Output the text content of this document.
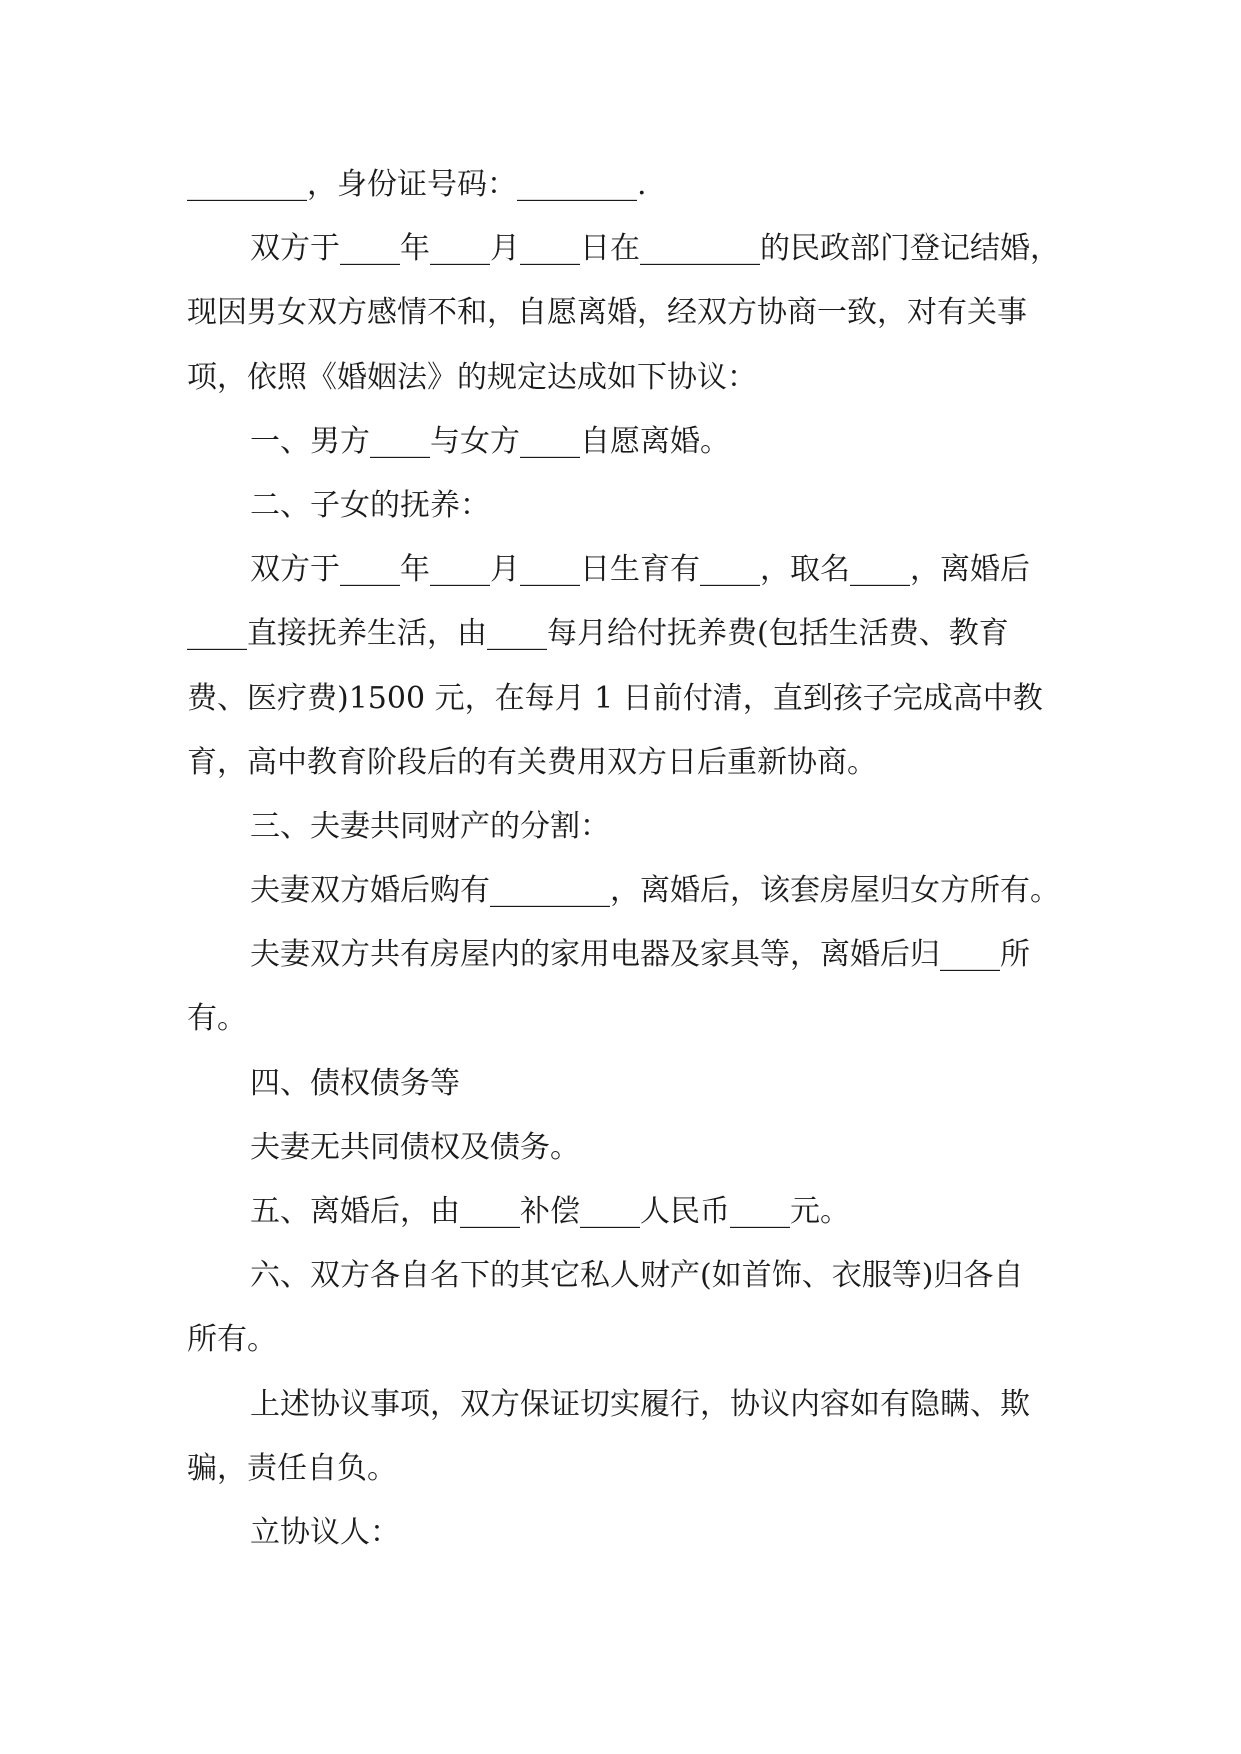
________，身份证号码：________.
双方于____年____月____日在________的民政部门登记结婚，
现因男女双方感情不和，自愿离婚，经双方协商一致，对有关事
项，依照《婚姻法》的规定达成如下协议：
一、男方____与女方____自愿离婚。
二、子女的抚养：
双方于____年____月____日生育有____，取名____，离婚后
____直接抚养生活，由____每月给付抚养费(包括生活费、教育
费、医疗费)1500 元，在每月 1 日前付清，直到孩子完成高中教
育，高中教育阶段后的有关费用双方日后重新协商。
三、夫妻共同财产的分割：
夫妻双方婚后购有________，离婚后，该套房屋归女方所有。
夫妻双方共有房屋内的家用电器及家具等，离婚后归____所
有。
四、债权债务等
夫妻无共同债权及债务。
五、离婚后，由____补偿____人民币____元。
六、双方各自名下的其它私人财产(如首饰、衣服等)归各自
所有。
上述协议事项，双方保证切实履行，协议内容如有隐瞒、欺
骗，责任自负。
立协议人：
